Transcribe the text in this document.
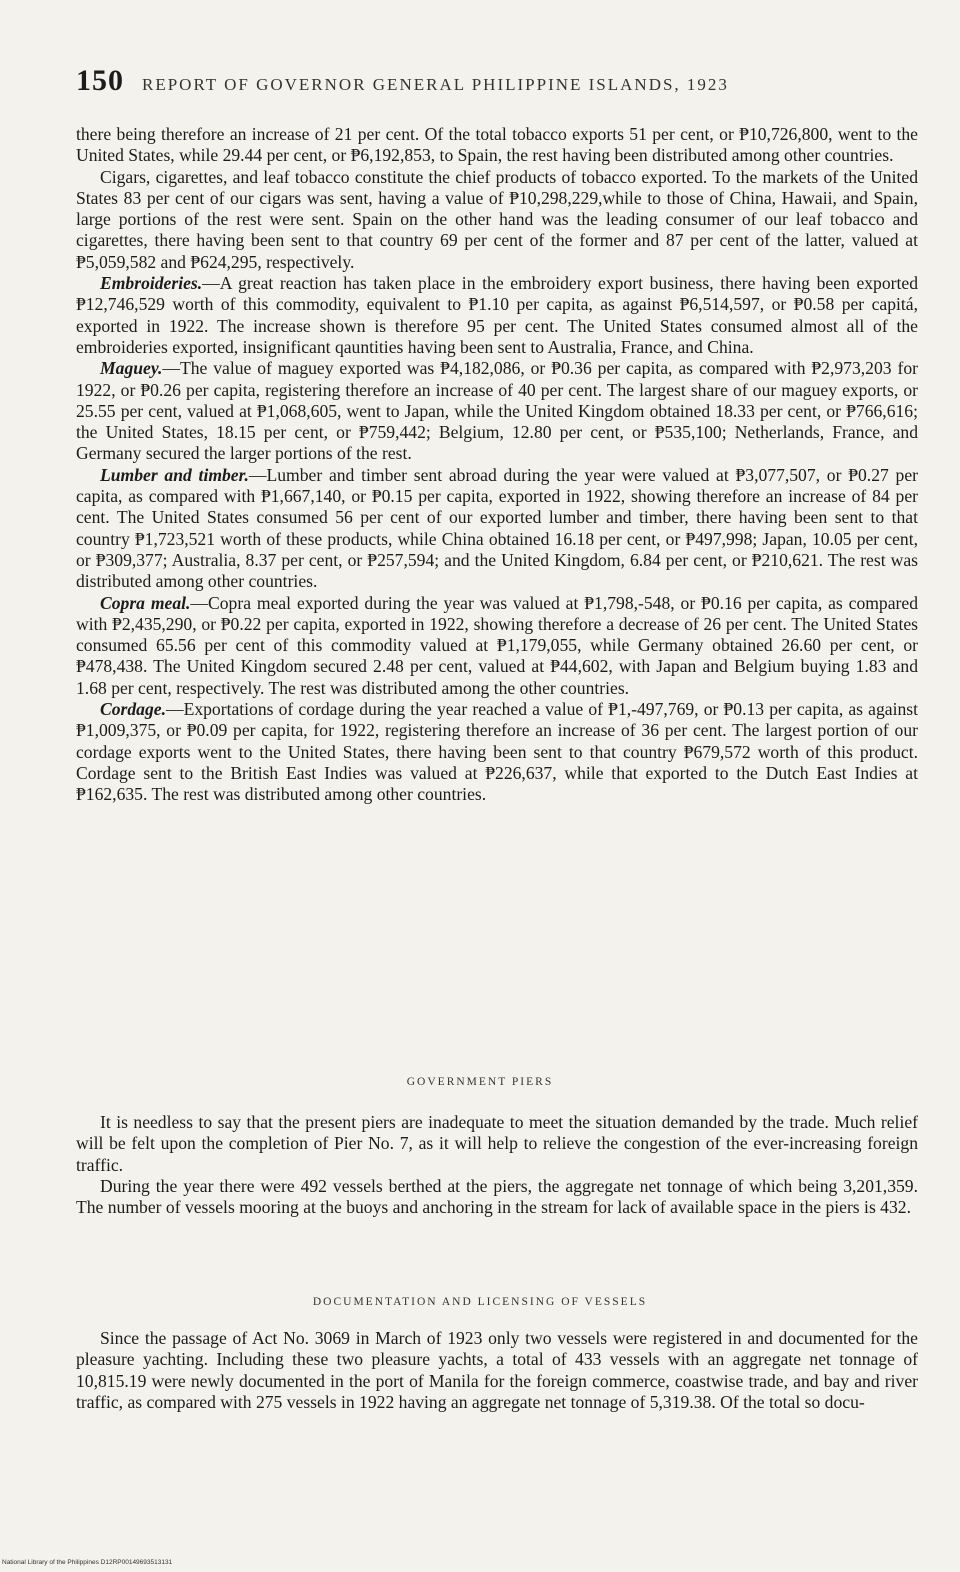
150 REPORT OF GOVERNOR GENERAL PHILIPPINE ISLANDS, 1923

there being therefore an increase of 21 per cent. Of the total tobacco exports 51 per cent, or ₱10,726,800, went to the United States, while 29.44 per cent, or ₱6,192,853, to Spain, the rest having been distributed among other countries.

Cigars, cigarettes, and leaf tobacco constitute the chief products of tobacco exported. To the markets of the United States 83 per cent of our cigars was sent, having a value of ₱10,298,229,while to those of China, Hawaii, and Spain, large portions of the rest were sent. Spain on the other hand was the leading consumer of our leaf tobacco and cigarettes, there having been sent to that country 69 per cent of the former and 87 per cent of the latter, valued at ₱5,059,582 and ₱624,295, respectively.

Embroideries.—A great reaction has taken place in the embroidery export business, there having been exported ₱12,746,529 worth of this commodity, equivalent to ₱1.10 per capita, as against ₱6,514,597, or ₱0.58 per capitá, exported in 1922. The increase shown is therefore 95 per cent. The United States consumed almost all of the embroideries exported, insignificant qauntities having been sent to Australia, France, and China.

Maguey.—The value of maguey exported was ₱4,182,086, or ₱0.36 per capita, as compared with ₱2,973,203 for 1922, or ₱0.26 per capita, registering therefore an increase of 40 per cent. The largest share of our maguey exports, or 25.55 per cent, valued at ₱1,068,605, went to Japan, while the United Kingdom obtained 18.33 per cent, or ₱766,616; the United States, 18.15 per cent, or ₱759,442; Belgium, 12.80 per cent, or ₱535,100; Netherlands, France, and Germany secured the larger portions of the rest.

Lumber and timber.—Lumber and timber sent abroad during the year were valued at ₱3,077,507, or ₱0.27 per capita, as compared with ₱1,667,140, or ₱0.15 per capita, exported in 1922, showing therefore an increase of 84 per cent. The United States consumed 56 per cent of our exported lumber and timber, there having been sent to that country ₱1,723,521 worth of these products, while China obtained 16.18 per cent, or ₱497,998; Japan, 10.05 per cent, or ₱309,377; Australia, 8.37 per cent, or ₱257,594; and the United Kingdom, 6.84 per cent, or ₱210,621. The rest was distributed among other countries.

Copra meal.—Copra meal exported during the year was valued at ₱1,798,-548, or ₱0.16 per capita, as compared with ₱2,435,290, or ₱0.22 per capita, exported in 1922, showing therefore a decrease of 26 per cent. The United States consumed 65.56 per cent of this commodity valued at ₱1,179,055, while Germany obtained 26.60 per cent, or ₱478,438. The United Kingdom secured 2.48 per cent, valued at ₱44,602, with Japan and Belgium buying 1.83 and 1.68 per cent, respectively. The rest was distributed among the other countries.

Cordage.—Exportations of cordage during the year reached a value of ₱1,-497,769, or ₱0.13 per capita, as against ₱1,009,375, or ₱0.09 per capita, for 1922, registering therefore an increase of 36 per cent. The largest portion of our cordage exports went to the United States, there having been sent to that country ₱679,572 worth of this product. Cordage sent to the British East Indies was valued at ₱226,637, while that exported to the Dutch East Indies at ₱162,635. The rest was distributed among other countries.

GOVERNMENT PIERS

It is needless to say that the present piers are inadequate to meet the situation demanded by the trade. Much relief will be felt upon the completion of Pier No. 7, as it will help to relieve the congestion of the ever-increasing foreign traffic.

During the year there were 492 vessels berthed at the piers, the aggregate net tonnage of which being 3,201,359. The number of vessels mooring at the buoys and anchoring in the stream for lack of available space in the piers is 432.

DOCUMENTATION AND LICENSING OF VESSELS

Since the passage of Act No. 3069 in March of 1923 only two vessels were registered in and documented for the pleasure yachting. Including these two pleasure yachts, a total of 433 vessels with an aggregate net tonnage of 10,815.19 were newly documented in the port of Manila for the foreign commerce, coastwise trade, and bay and river traffic, as compared with 275 vessels in 1922 having an aggregate net tonnage of 5,319.38. Of the total so docu-

National Library of the Philippines D12RP00149693513131
